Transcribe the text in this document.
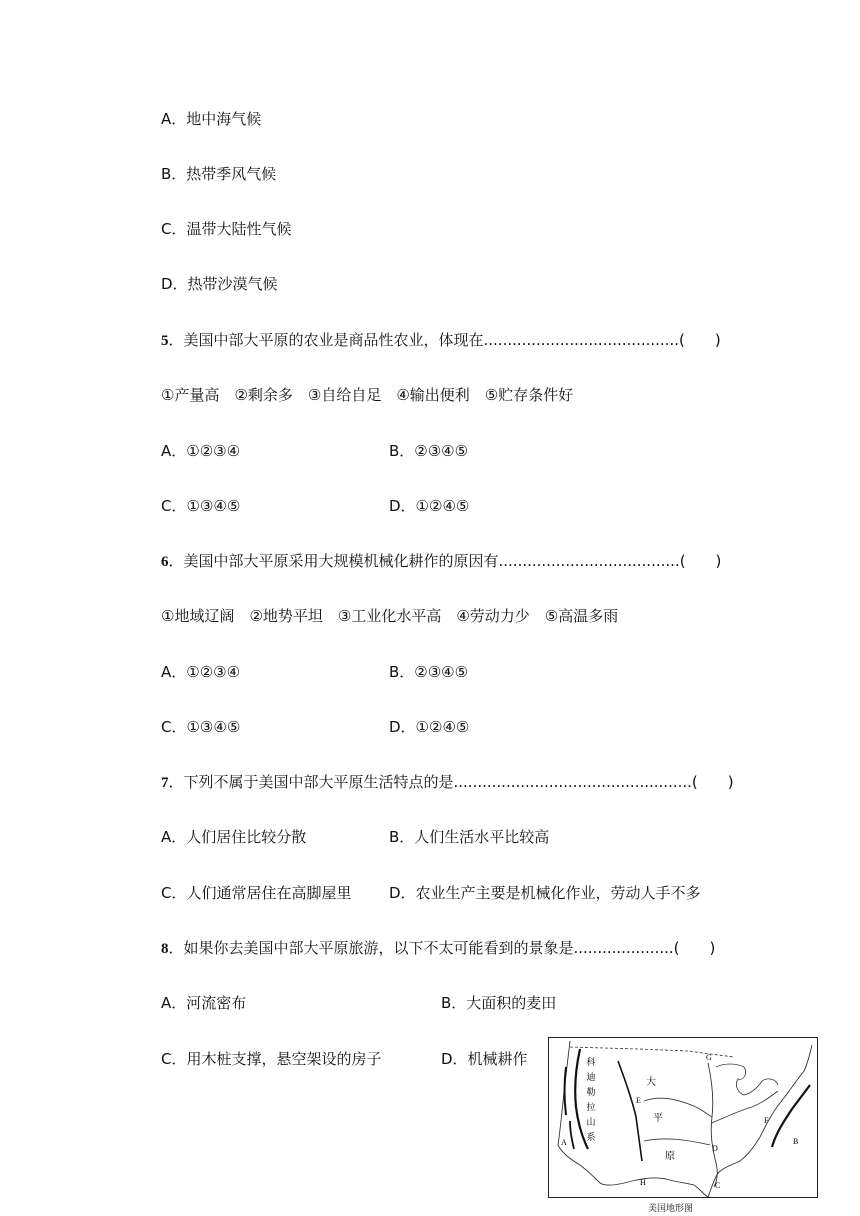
A．地中海气候
B．热带季风气候
C．温带大陆性气候
D．热带沙漠气候
5．美国中部大平原的农业是商品性农业，体现在.........................................(　　)
①产量高　②剩余多　③自给自足　④输出便利　⑤贮存条件好
A．①②③④	B．②③④⑤
C．①③④⑤	D．①②④⑤
6．美国中部大平原采用大规模机械化耕作的原因有......................................(　　)
①地域辽阔　②地势平坦　③工业化水平高　④劳动力少　⑤高温多雨
A．①②③④	B．②③④⑤
C．①③④⑤	D．①②④⑤
7．下列不属于美国中部大平原生活特点的是..................................................(　　)
A．人们居住比较分散	B．人们生活水平比较高
C．人们通常居住在高脚屋里	D．农业生产主要是机械化作业，劳动人手不多
8．如果你去美国中部大平原旅游，以下不太可能看到的景象是.....................(　　)
A．河流密布	B．大面积的麦田
C．用木桩支撑，悬空架设的房子	D．机械耕作	科
迪
勒
拉
山
系
大
平
原
A	B
C
D
E
F
G
H
美国地形图
